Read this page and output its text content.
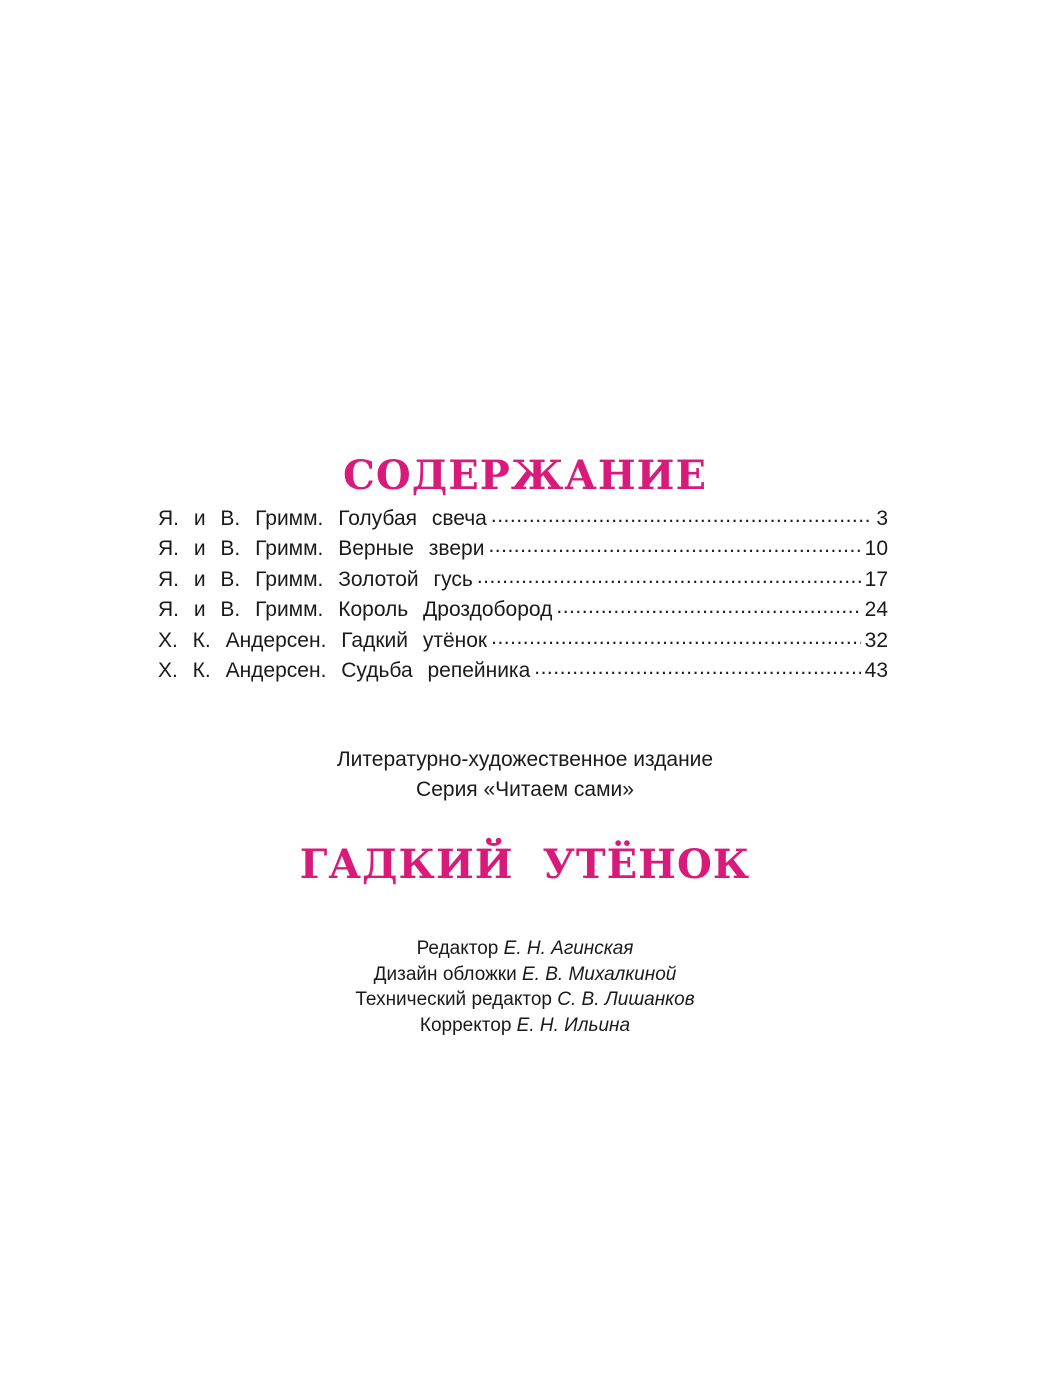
СОДЕРЖАНИЕ
Я. и В. Гримм. Голубая свеча .....	3
Я. и В. Гримм. Верные звери .....	10
Я. и В. Гримм. Золотой гусь .....	17
Я. и В. Гримм. Король Дроздобород .....	24
Х. К. Андерсен. Гадкий утёнок .....	32
Х. К. Андерсен. Судьба репейника .....	43
Литературно-художественное издание
Серия «Читаем сами»
ГАДКИЙ УТЁНОК
Редактор Е. Н. Агинская
Дизайн обложки Е. В. Михалкиной
Технический редактор С. В. Лишанков
Корректор Е. Н. Ильина
